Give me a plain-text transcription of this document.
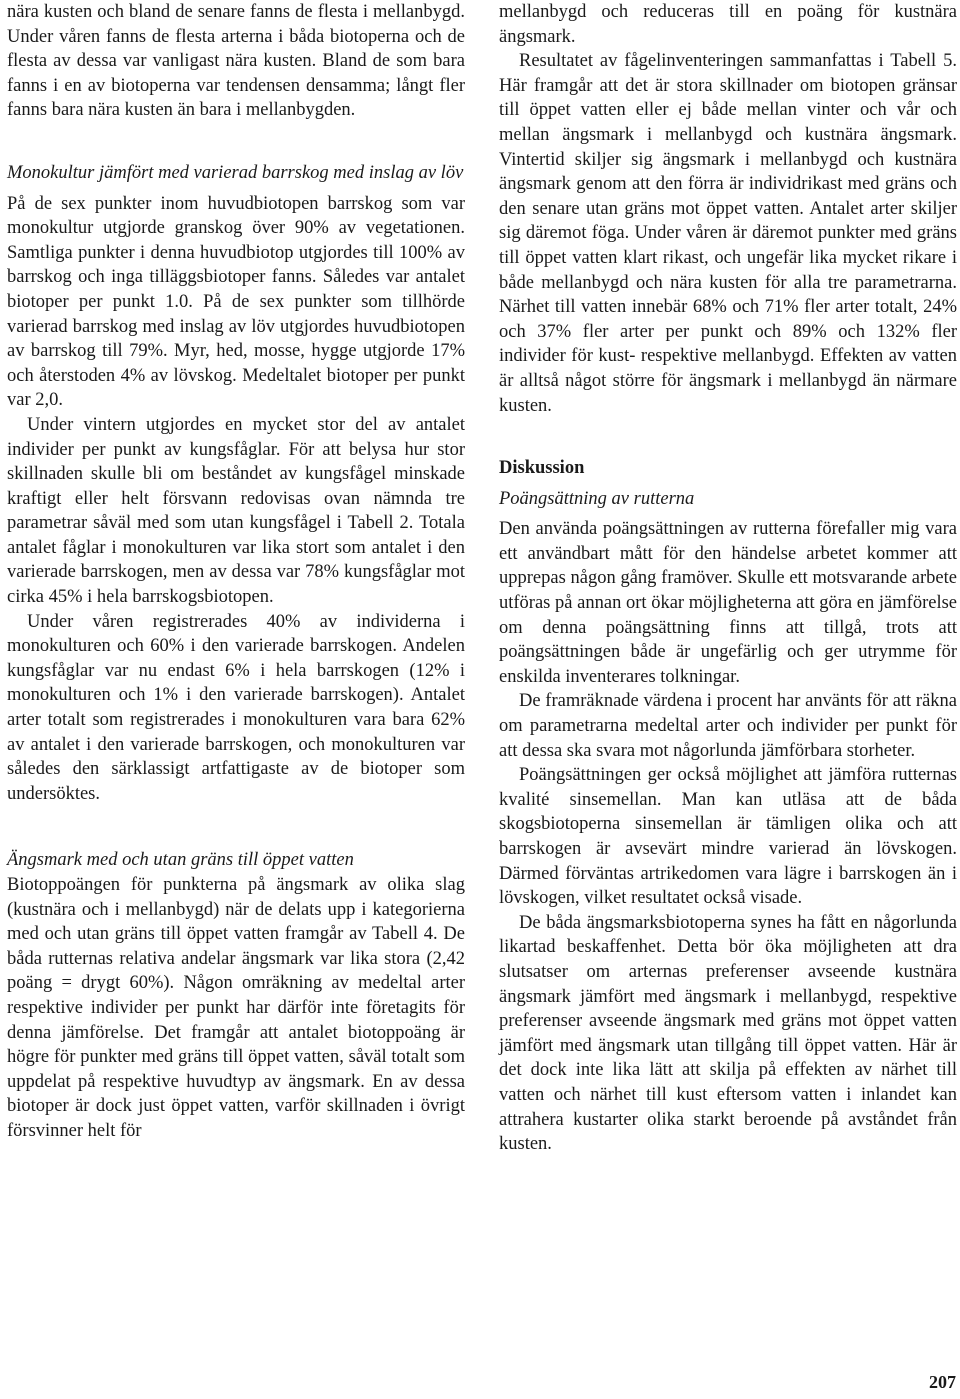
nära kusten och bland de senare fanns de flesta i mellanbygd. Under våren fanns de flesta arterna i båda biotoperna och de flesta av dessa var vanligast nära kusten. Bland de som bara fanns i en av biotoperna var tendensen densamma; långt fler fanns bara nära kusten än bara i mellanbygden.

Monokultur jämfört med varierad barrskog med inslag av löv

På de sex punkter inom huvudbiotopen barrskog som var monokultur utgjorde granskog över 90% av vegetationen. Samtliga punkter i denna huvudbiotop utgjordes till 100% av barrskog och inga tilläggsbiotoper fanns. Således var antalet biotoper per punkt 1.0. På de sex punkter som tillhörde varierad barrskog med inslag av löv utgjordes huvudbiotopen av barrskog till 79%. Myr, hed, mosse, hygge utgjorde 17% och återstoden 4% av lövskog. Medeltalet biotoper per punkt var 2,0.

Under vintern utgjordes en mycket stor del av antalet individer per punkt av kungsfåglar. För att belysa hur stor skillnaden skulle bli om beståndet av kungsfågel minskade kraftigt eller helt försvann redovisas ovan nämnda tre parametrar såväl med som utan kungsfågel i Tabell 2. Totala antalet fåglar i monokulturen var lika stort som antalet i den varierade barrskogen, men av dessa var 78% kungsfåglar mot cirka 45% i hela barrskogsbiotopen.

Under våren registrerades 40% av individerna i monokulturen och 60% i den varierade barrskogen. Andelen kungsfåglar var nu endast 6% i hela barrskogen (12% i monokulturen och 1% i den varierade barrskogen). Antalet arter totalt som registrerades i monokulturen vara bara 62% av antalet i den varierade barrskogen, och monokulturen var således den särklassigt artfattigaste av de biotoper som undersöktes.

Ängsmark med och utan gräns till öppet vatten

Biotoppoängen för punkterna på ängsmark av olika slag (kustnära och i mellanbygd) när de delats upp i kategorierna med och utan gräns till öppet vatten framgår av Tabell 4. De båda rutternas relativa andelar ängsmark var lika stora (2,42 poäng = drygt 60%). Någon omräkning av medeltal arter respektive individer per punkt har därför inte företagits för denna jämförelse. Det framgår att antalet biotoppoäng är högre för punkter med gräns till öppet vatten, såväl totalt som uppdelat på respektive huvudtyp av ängsmark. En av dessa biotoper är dock just öppet vatten, varför skillnaden i övrigt försvinner helt för

mellanbygd och reduceras till en poäng för kustnära ängsmark.

Resultatet av fågelinventeringen sammanfattas i Tabell 5. Här framgår att det är stora skillnader om biotopen gränsar till öppet vatten eller ej både mellan vinter och vår och mellan ängsmark i mellanbygd och kustnära ängsmark. Vintertid skiljer sig ängsmark i mellanbygd och kustnära ängsmark genom att den förra är individrikast med gräns och den senare utan gräns mot öppet vatten. Antalet arter skiljer sig däremot föga. Under våren är däremot punkter med gräns till öppet vatten klart rikast, och ungefär lika mycket rikare i både mellanbygd och nära kusten för alla tre parametrarna. Närhet till vatten innebär 68% och 71% fler arter totalt, 24% och 37% fler arter per punkt och 89% och 132% fler individer för kust- respektive mellanbygd. Effekten av vatten är alltså något större för ängsmark i mellanbygd än närmare kusten.

Diskussion
Poängsättning av rutterna

Den använda poängsättningen av rutterna förefaller mig vara ett användbart mått för den händelse arbetet kommer att upprepas någon gång framöver. Skulle ett motsvarande arbete utföras på annan ort ökar möjligheterna att göra en jämförelse om denna poängsättning finns att tillgå, trots att poängsättningen både är ungefärlig och ger utrymme för enskilda inventerares tolkningar.

De framräknade värdena i procent har använts för att räkna om parametrarna medeltal arter och individer per punkt för att dessa ska svara mot någorlunda jämförbara storheter.

Poängsättningen ger också möjlighet att jämföra rutternas kvalité sinsemellan. Man kan utläsa att de båda skogsbiotoperna sinsemellan är tämligen olika och att barrskogen är avsevärt mindre varierad än lövskogen. Därmed förväntas artrikedomen vara lägre i barrskogen än i lövskogen, vilket resultatet också visade.

De båda ängsmarksbiotoperna synes ha fått en någorlunda likartad beskaffenhet. Detta bör öka möjligheten att dra slutsatser om arternas preferenser avseende kustnära ängsmark jämfört med ängsmark i mellanbygd, respektive preferenser avseende ängsmark med gräns mot öppet vatten jämfört med ängsmark utan tillgång till öppet vatten. Här är det dock inte lika lätt att skilja på effekten av närhet till vatten och närhet till kust eftersom vatten i inlandet kan attrahera kustarter olika starkt beroende på avståndet från kusten.

207
